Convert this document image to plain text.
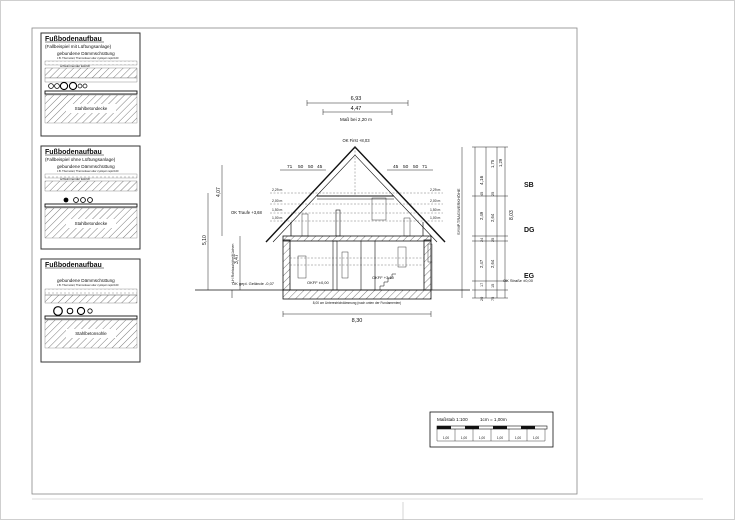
Fußbodenaufbau
(Fallbeispiel mit Lüftungsanlage)
gebundene Dämmschüttung
z.B. Thermoteil, Thermofeuer oder cyclopor rapid 100
schwimmender Estrich
Stahlbetondecke
Fußbodenaufbau
(Fallbeispiel ohne Lüftungsanlage)
gebundene Dämmschüttung
z.B. Thermoteil, Thermofeuer oder cyclopor rapid 100
schwimmender Estrich
Stahlbetondecke
Fußbodenaufbau
gebundene Dämmschüttung
z.B. Thermoteil, Thermofeuer oder cyclopor rapid 100
Stahlbetonsohle
6,93
4,47
Maß bei 2,20 m
OK First +8,03
71 50 50 45	45 50 50 71
8,30
2,29 m
2,00 m
1,50 m
1,00 m
2,29 m
2,00 m
1,50 m
1,00 m
OK Traufe +3,68
OK gepl. Gelände -0,07	OKFF ±0,00
OKFF +3,10
OK Straße ±0,00
8,00 cm Unterestrichdämmung (nach unten der Fundamenten)
5,10
4,07
3,47
LH Rohbauhöhe/Küchen
SYMP.TRAGWERKHÖHE
4,16
8,03
1,29
1,75
2,49 2,64
2,47 2,64
45 25
24 25
17 15
75
20
SB
DG
EG
Maßstab 1:100	1cm = 1,00m
1,00	1,00	1,00	1,00	1,00	1,00
